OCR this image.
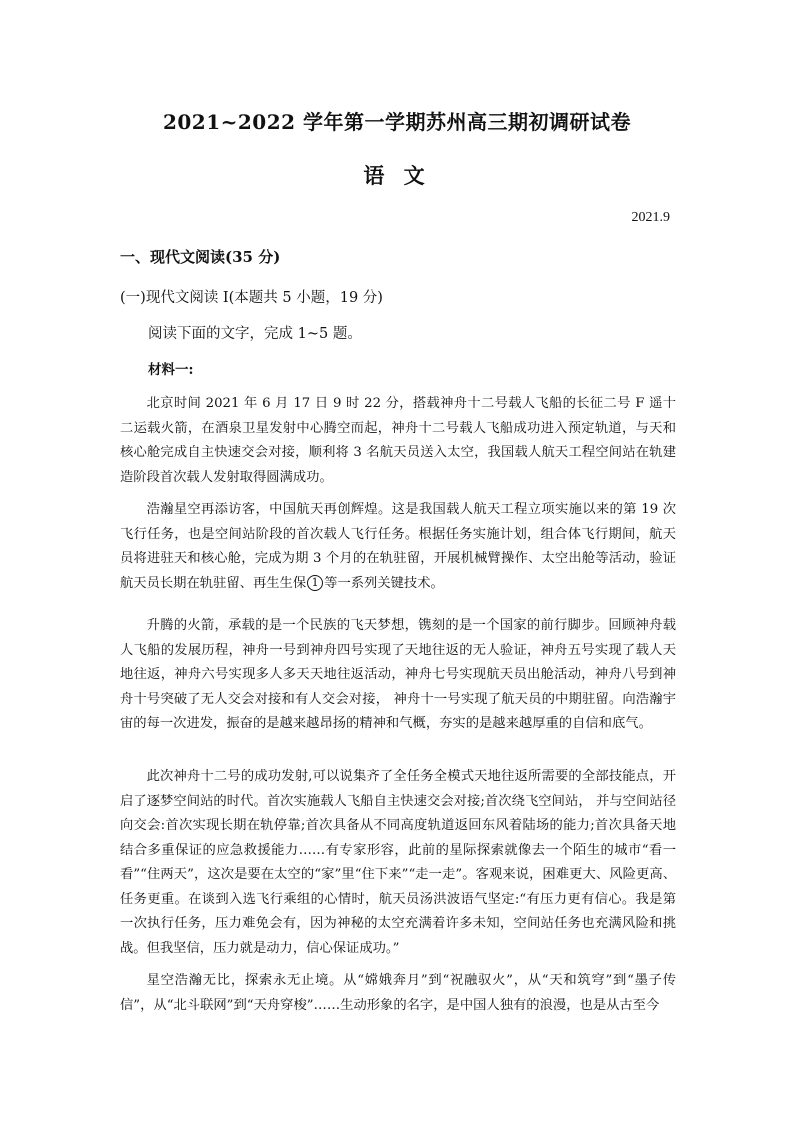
2021~2022 学年第一学期苏州高三期初调研试卷
语 文
2021.9
一、现代文阅读(35 分)
(一)现代文阅读 I(本题共 5 小题，19 分)
阅读下面的文字，完成 1~5 题。
材料一:

北京时间 2021 年 6 月 17 日 9 时 22 分，搭载神舟十二号载人飞船的长征二号 F 遥十二运载火箭，在酒泉卫星发射中心腾空而起，神舟十二号载人飞船成功进入预定轨道，与天和核心舱完成自主快速交会对接，顺利将 3 名航天员送入太空，我国载人航天工程空间站在轨建造阶段首次载人发射取得圆满成功。

浩瀚星空再添访客，中国航天再创辉煌。这是我国载人航天工程立项实施以来的第 19 次飞行任务，也是空间站阶段的首次载人飞行任务。根据任务实施计划，组合体飞行期间，航天员将进驻天和核心舱，完成为期 3 个月的在轨驻留，开展机械臂操作、太空出舱等活动，验证航天员长期在轨驻留、再生生保 1 等一系列关键技术。

升腾的火箭，承载的是一个民族的飞天梦想，镌刻的是一个国家的前行脚步。回顾神舟载人飞船的发展历程，神舟一号到神舟四号实现了天地往返的无人验证，神舟五号实现了载人天地往返，神舟六号实现多人多天天地往返活动，神舟七号实现航天员出舱活动，神舟八号到神舟十号突破了无人交会对接和有人交会对接， 神舟十一号实现了航天员的中期驻留。向浩瀚宇宙的每一次进发，振奋的是越来越昂扬的精神和气概，夯实的是越来越厚重的自信和底气。

此次神舟十二号的成功发射,可以说集齐了全任务全模式天地往返所需要的全部技能点，开启了逐梦空间站的时代。首次实施载人飞船自主快速交会对接;首次绕飞空间站， 并与空间站径向交会:首次实现长期在轨停靠;首次具备从不同高度轨道返回东风着陆场的能力;首次具备天地结合多重保证的应急救援能力……有专家形容，此前的星际探索就像去一个陌生的城市“看一看”“住两天”，这次是要在太空的“家”里“住下来”“走一走”。客观来说，困难更大、风险更高、任务更重。在谈到入选飞行乘组的心情时，航天员汤洪波语气坚定:“有压力更有信心。我是第一次执行任务，压力难免会有，因为神秘的太空充满着许多未知，空间站任务也充满风险和挑战。但我坚信，压力就是动力，信心保证成功。”

星空浩瀚无比，探索永无止境。从“嫦娥奔月”到“祝融驭火”，从“天和筑穹”到“墨子传信”，从“北斗联网”到“天舟穿梭”……生动形象的名字，是中国人独有的浪漫，也是从古至今
